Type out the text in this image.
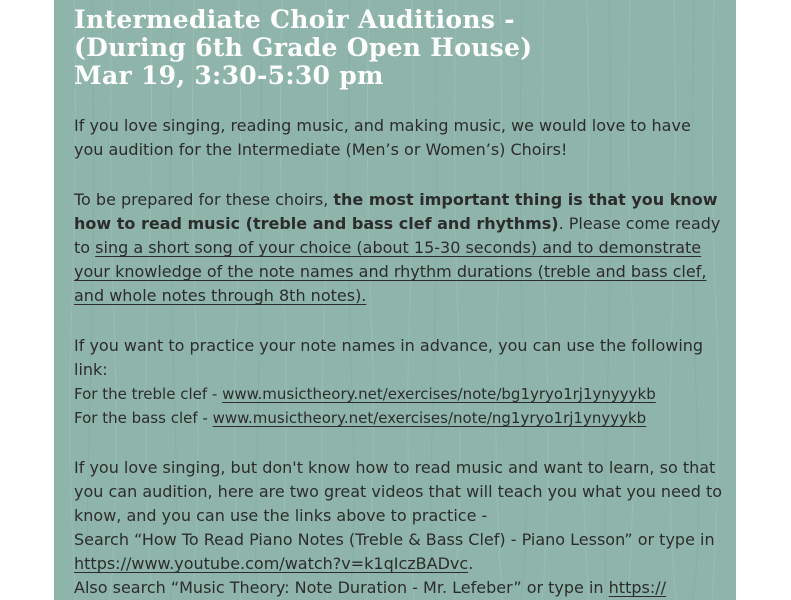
Intermediate Choir Auditions -
(During 6th Grade Open House)
Mar 19, 3:30-5:30 pm

If you love singing, reading music, and making music, we would love to have you audition for the Intermediate (Men’s or Women’s) Choirs!

To be prepared for these choirs, the most important thing is that you know how to read music (treble and bass clef and rhythms). Please come ready to sing a short song of your choice (about 15-30 seconds) and to demonstrate your knowledge of the note names and rhythm durations (treble and bass clef, and whole notes through 8th notes).

If you want to practice your note names in advance, you can use the following link:
For the treble clef - www.musictheory.net/exercises/note/bg1yryo1rj1ynyyykb
For the bass clef - www.musictheory.net/exercises/note/ng1yryo1rj1ynyyykb
If you love singing, but don't know how to read music and want to learn, so that you can audition, here are two great videos that will teach you what you need to know, and you can use the links above to practice -
Search “How To Read Piano Notes (Treble & Bass Clef) - Piano Lesson” or type in https://www.youtube.com/watch?v=k1qIczBADvc.
Also search “Music Theory: Note Duration - Mr. Lefeber” or type in https://
